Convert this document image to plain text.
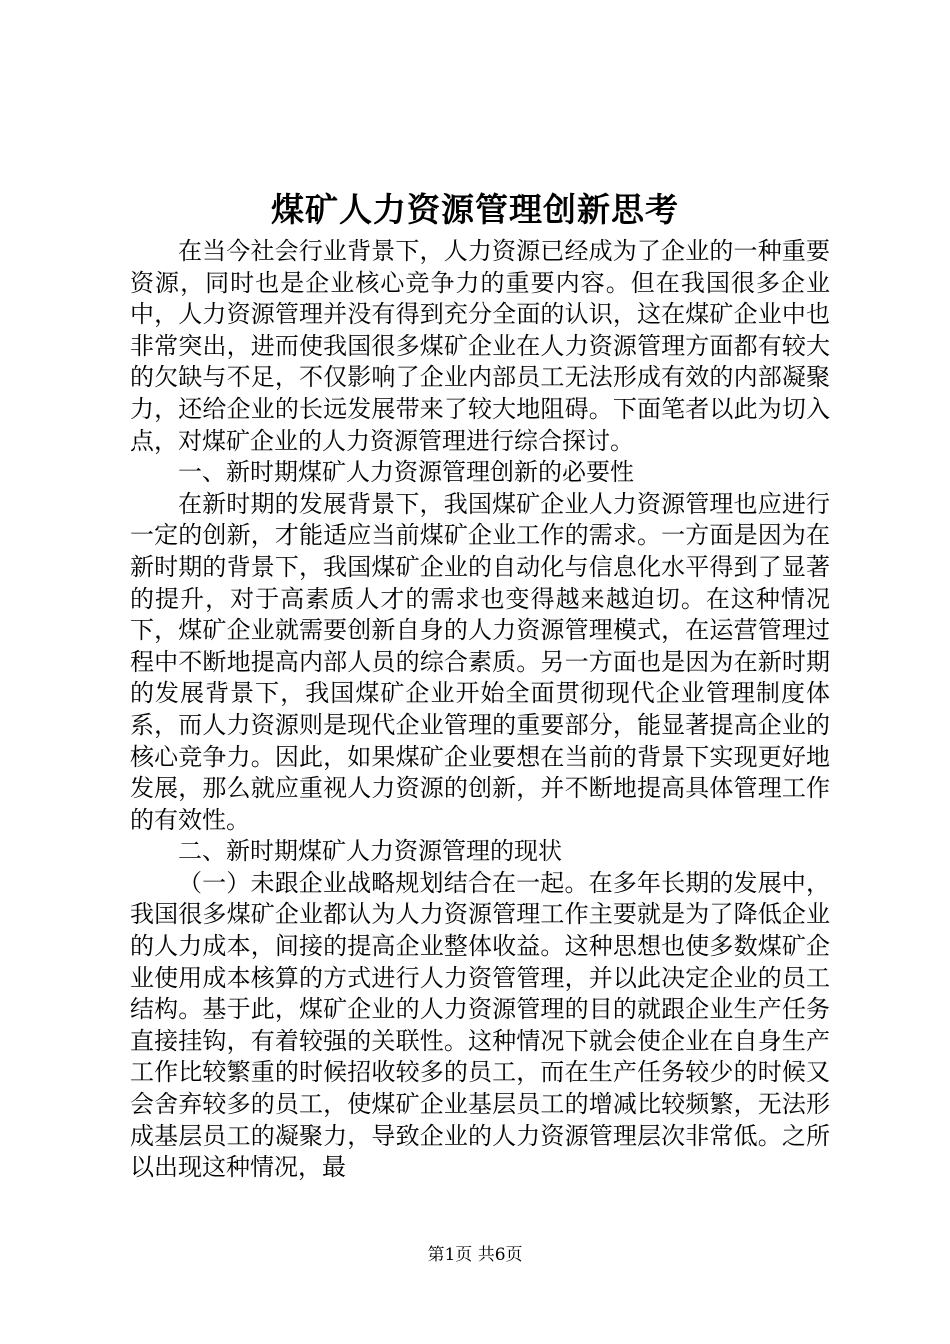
煤矿人力资源管理创新思考

在当今社会行业背景下，人力资源已经成为了企业的一种重要资源，同时也是企业核心竞争力的重要内容。但在我国很多企业中，人力资源管理并没有得到充分全面的认识，这在煤矿企业中也非常突出，进而使我国很多煤矿企业在人力资源管理方面都有较大的欠缺与不足，不仅影响了企业内部员工无法形成有效的内部凝聚力，还给企业的长远发展带来了较大地阻碍。下面笔者以此为切入点，对煤矿企业的人力资源管理进行综合探讨。

一、新时期煤矿人力资源管理创新的必要性

在新时期的发展背景下，我国煤矿企业人力资源管理也应进行一定的创新，才能适应当前煤矿企业工作的需求。一方面是因为在新时期的背景下，我国煤矿企业的自动化与信息化水平得到了显著的提升，对于高素质人才的需求也变得越来越迫切。在这种情况下，煤矿企业就需要创新自身的人力资源管理模式，在运营管理过程中不断地提高内部人员的综合素质。另一方面也是因为在新时期的发展背景下，我国煤矿企业开始全面贯彻现代企业管理制度体系，而人力资源则是现代企业管理的重要部分，能显著提高企业的核心竞争力。因此，如果煤矿企业要想在当前的背景下实现更好地发展，那么就应重视人力资源的创新，并不断地提高具体管理工作的有效性。

二、新时期煤矿人力资源管理的现状

（一）未跟企业战略规划结合在一起。在多年长期的发展中，我国很多煤矿企业都认为人力资源管理工作主要就是为了降低企业的人力成本，间接的提高企业整体收益。这种思想也使多数煤矿企业使用成本核算的方式进行人力资管管理，并以此决定企业的员工结构。基于此，煤矿企业的人力资源管理的目的就跟企业生产任务直接挂钩，有着较强的关联性。这种情况下就会使企业在自身生产工作比较繁重的时候招收较多的员工，而在生产任务较少的时候又会舍弃较多的员工，使煤矿企业基层员工的增减比较频繁，无法形成基层员工的凝聚力，导致企业的人力资源管理层次非常低。之所以出现这种情况，最

第1页 共6页
